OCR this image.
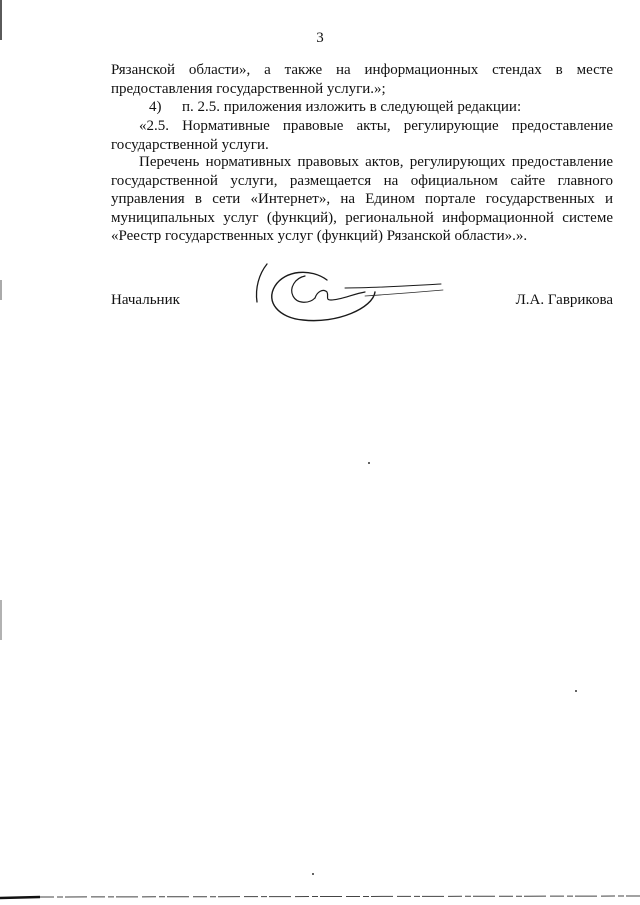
3
Рязанской области», а также на информационных стендах в месте
предоставления государственной услуги.»;
4) п. 2.5. приложения изложить в следующей редакции:
«2.5. Нормативные правовые акты, регулирующие предоставление
государственной услуги.
Перечень нормативных правовых актов, регулирующих предоставление
государственной услуги, размещается на официальном сайте главного
управления в сети «Интернет», на Едином портале государственных и
муниципальных услуг (функций), региональной информационной системе
«Реестр государственных услуг (функций) Рязанской области».».
Начальник	Л.А. Гаврикова
